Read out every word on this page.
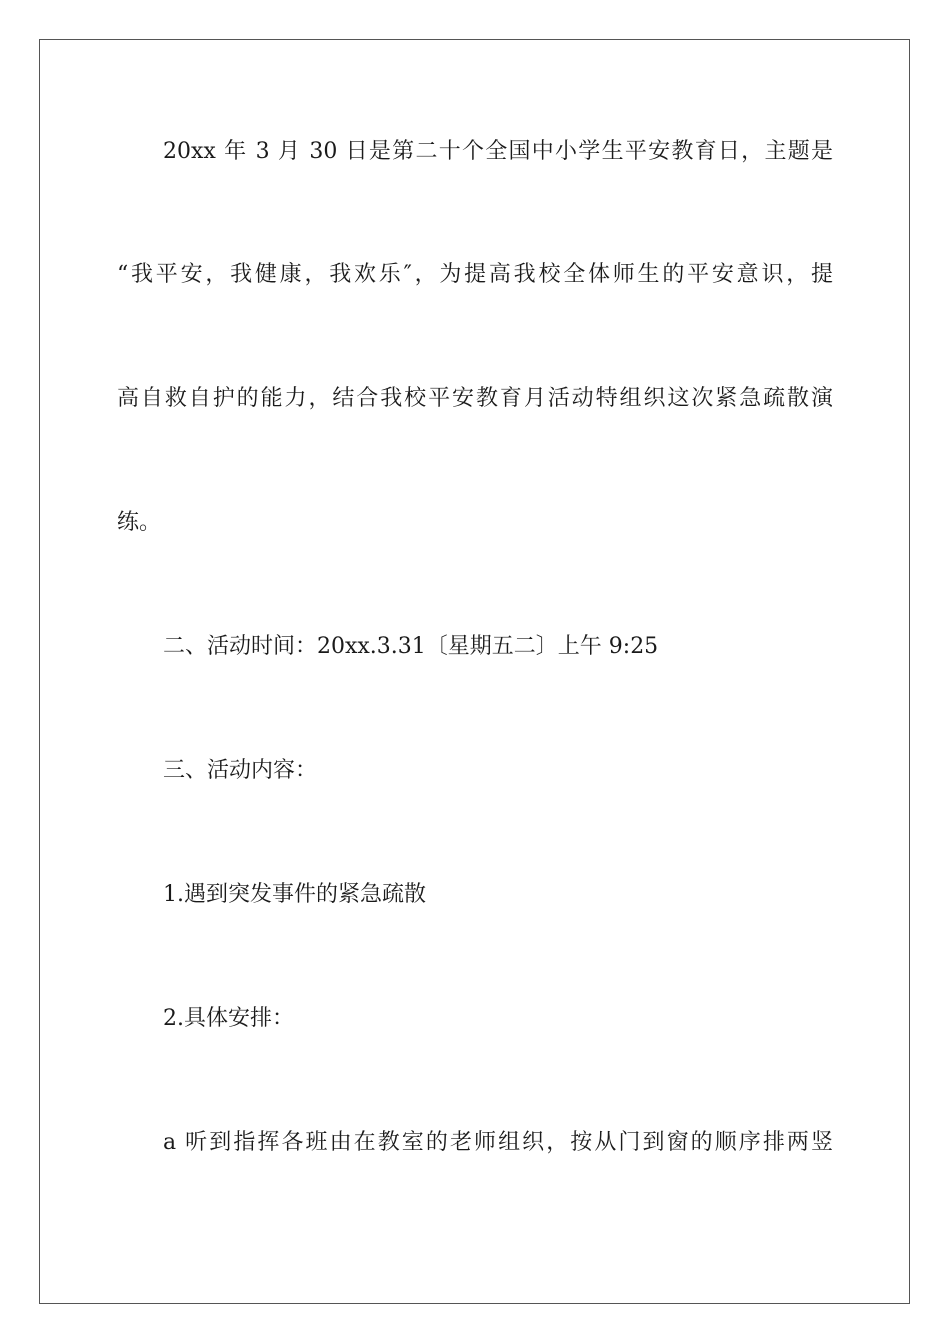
20xx 年 3 月 30 日是第二十个全国中小学生平安教育日，主题是
“我平安，我健康，我欢乐″，为提高我校全体师生的平安意识，提
高自救自护的能力，结合我校平安教育月活动特组织这次紧急疏散演
练。
二、活动时间：20xx.3.31〔星期五二〕上午 9:25
三、活动内容：
1.遇到突发事件的紧急疏散
2.具体安排：
a 听到指挥各班由在教室的老师组织，按从门到窗的顺序排两竖
